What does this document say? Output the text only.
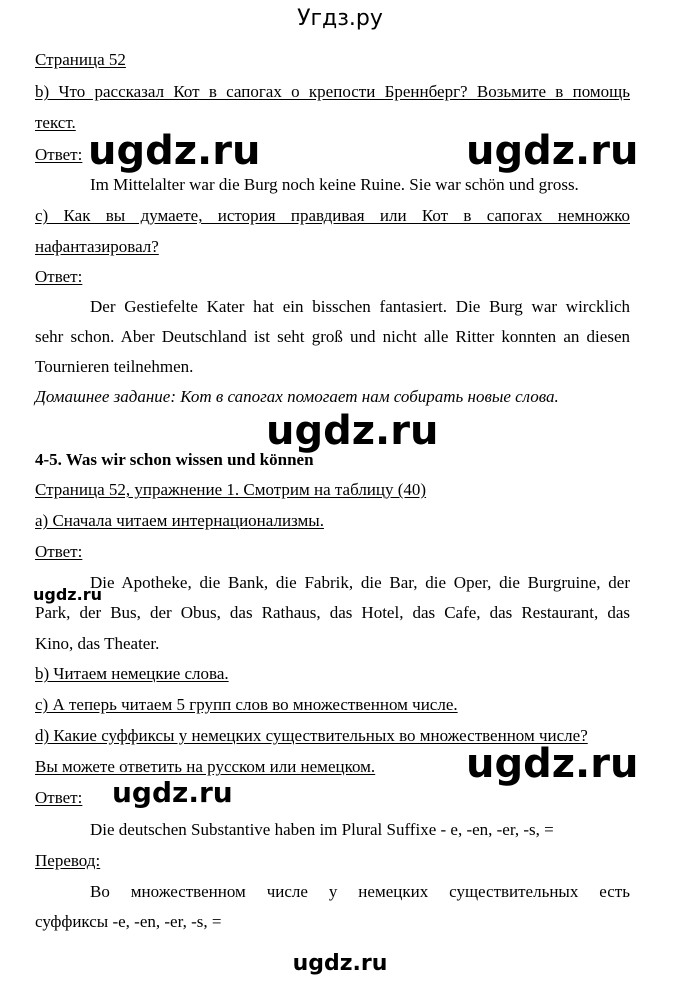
Угдз.ру
Страница 52
b) Что рассказал Кот в сапогах о крепости Бреннберг? Возьмите в помощь
текст.
Ответ: ugdz.ru	ugdz.ru
Im Mittelalter war die Burg noch keine Ruine. Sie war schön und gross.
c) Как вы думаете, история правдивая или Кот в сапогах немножко
нафантазировал?
Ответ:
Der Gestiefelte Kater hat ein bisschen fantasiert. Die Burg war wircklich
sehr schon. Aber Deutschland ist seht groß und nicht alle Ritter konnten an diesen
Tournieren teilnehmen.
Домашнее задание: Кот в сапогах помогает нам собирать новые слова.
ugdz.ru
4-5. Was wir schon wissen und können
Страница 52, упражнение 1. Смотрим на таблицу (40)
а) Сначала читаем интернационализмы.
Ответ:
ugdz.ru
Die Apotheke, die Bank, die Fabrik, die Bar, die Oper, die Burgruine, der
Park, der Bus, der Obus, das Rathaus, das Hotel, das Cafe, das Restaurant, das
Kino, das Theater.
b) Читаем немецкие слова.
с) А теперь читаем 5 групп слов во множественном числе.
d) Какие суффиксы у немецких существительных во множественном числе?
Вы можете ответить на русском или немецком. ugdz.ru
Ответ: ugdz.ru
Die deutschen Substantive haben im Plural Suffixe - e, -en, -er, -s, =
Перевод:
Во множественном числе у немецких существительных есть
суффиксы -e, -en, -er, -s, =
ugdz.ru
